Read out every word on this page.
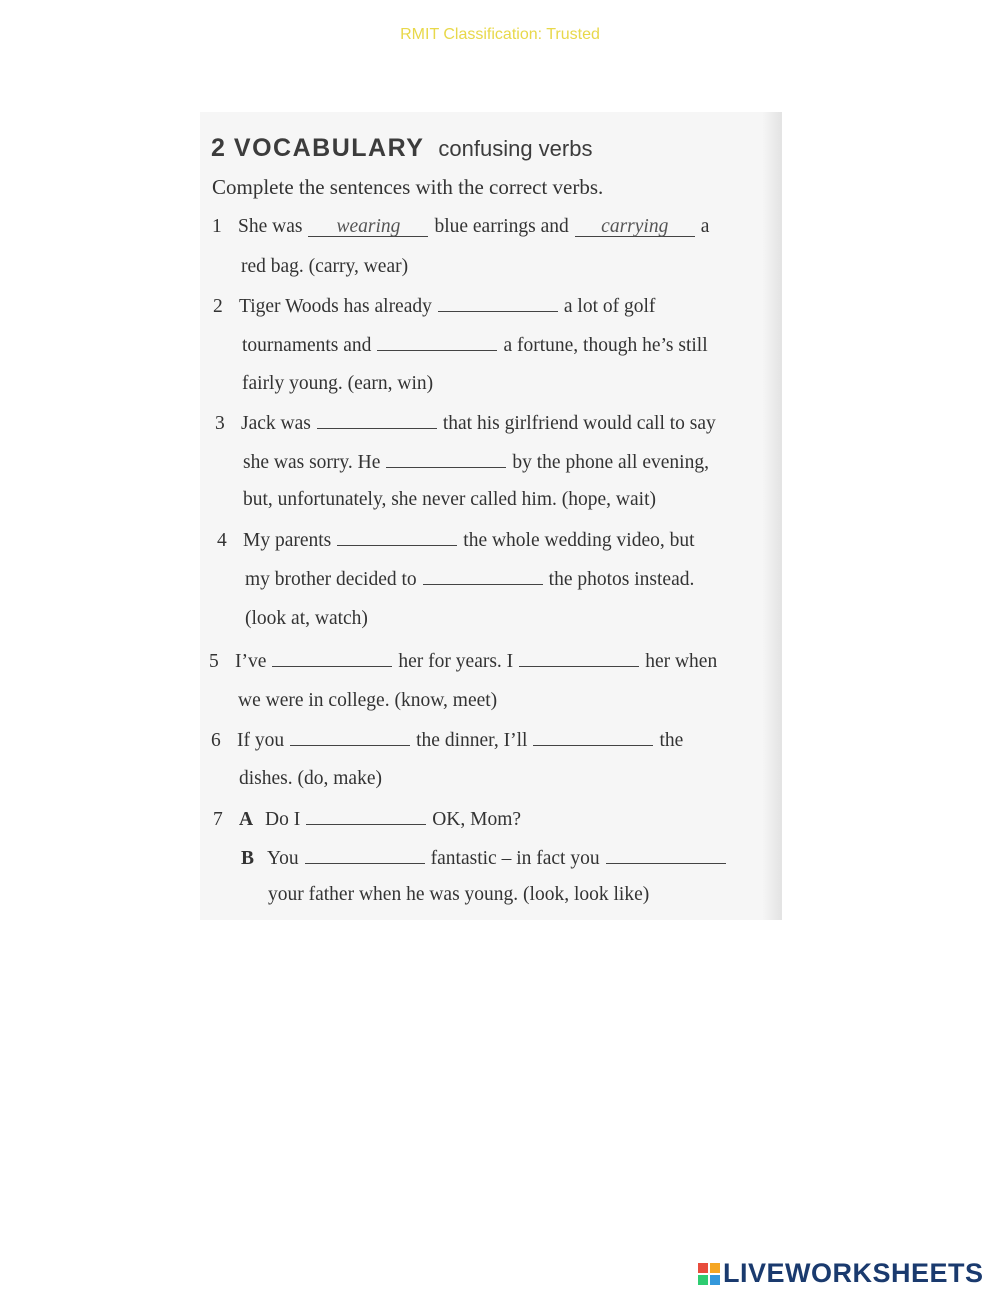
RMIT Classification: Trusted
2 VOCABULARY confusing verbs
Complete the sentences with the correct verbs.
1 She was wearing blue earrings and carrying a
red bag. (carry, wear)
2 Tiger Woods has already	a lot of golf
tournaments and	a fortune, though he’s still
fairly young. (earn, win)
3 Jack was	that his girlfriend would call to say
she was sorry. He	by the phone all evening,
but, unfortunately, she never called him. (hope, wait)
4 My parents	the whole wedding video, but
my brother decided to	the photos instead.
(look at, watch)
5 I’ve	her for years. I	her when
we were in college. (know, meet)
6 If you	the dinner, I’ll	the
dishes. (do, make)
7 A Do I	OK, Mom?
B You	fantastic – in fact you
your father when he was young. (look, look like)
LIVEWORKSHEETS
